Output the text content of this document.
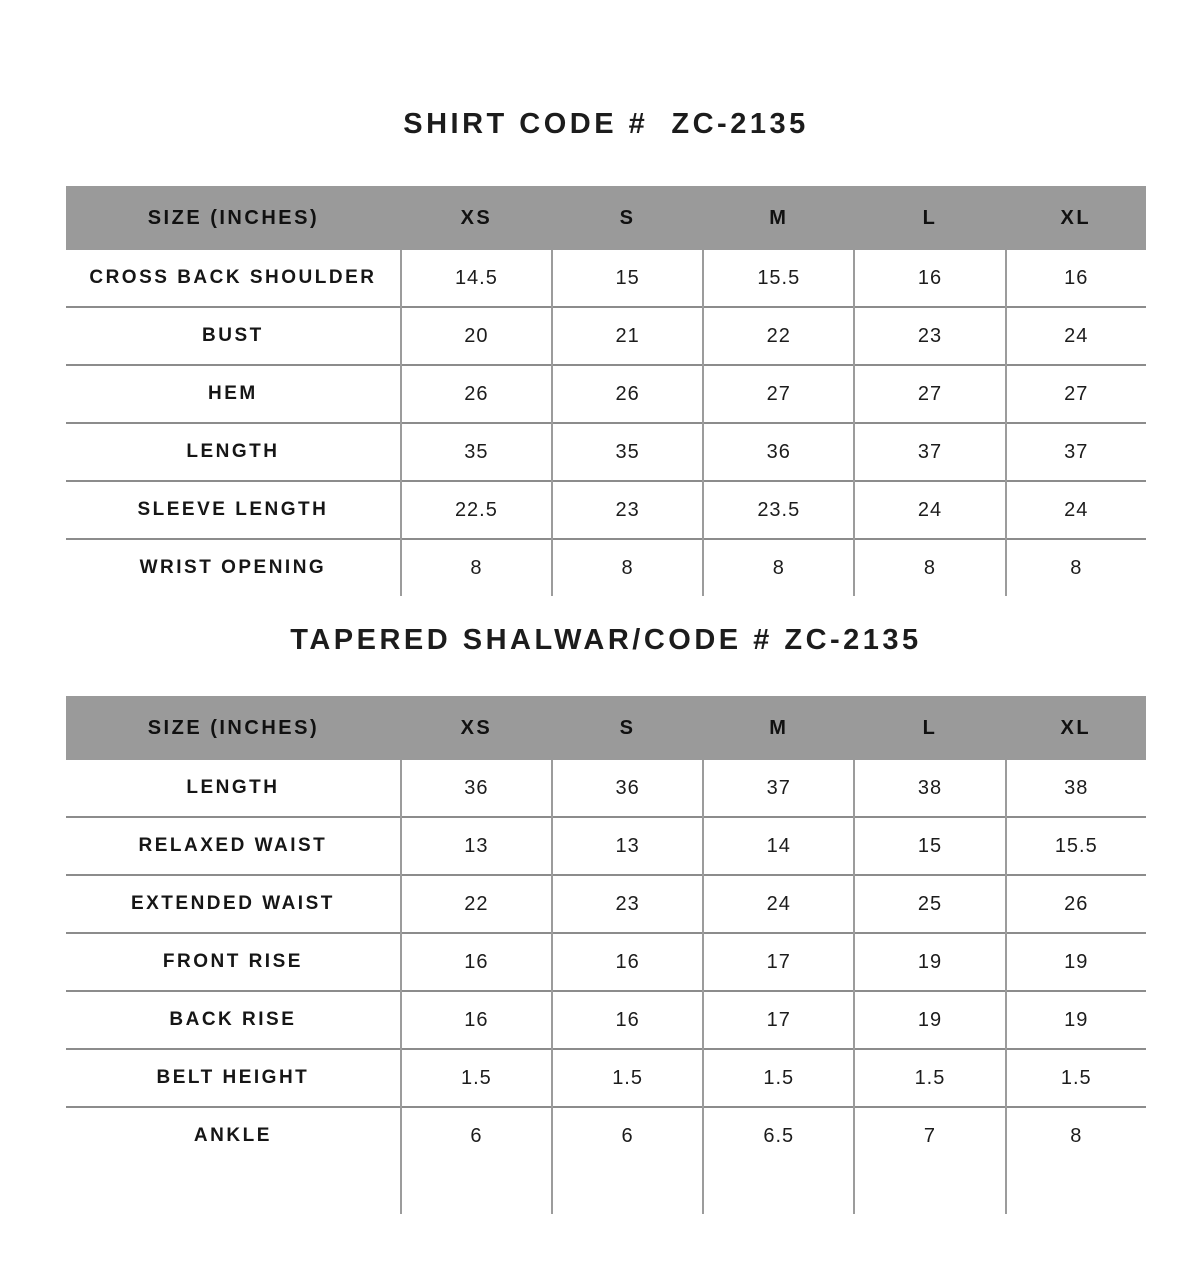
SHIRT CODE #  ZC-2135
SIZE (INCHES)	XS	S	M	L	XL
CROSS BACK SHOULDER	14.5	15	15.5	16	16
BUST	20	21	22	23	24
HEM	26	26	27	27	27
LENGTH	35	35	36	37	37
SLEEVE LENGTH	22.5	23	23.5	24	24
WRIST OPENING	8	8	8	8	8
TAPERED SHALWAR/CODE # ZC-2135
SIZE (INCHES)	XS	S	M	L	XL
LENGTH	36	36	37	38	38
RELAXED WAIST	13	13	14	15	15.5
EXTENDED WAIST	22	23	24	25	26
FRONT RISE	16	16	17	19	19
BACK RISE	16	16	17	19	19
BELT HEIGHT	1.5	1.5	1.5	1.5	1.5
ANKLE	6	6	6.5	7	8
